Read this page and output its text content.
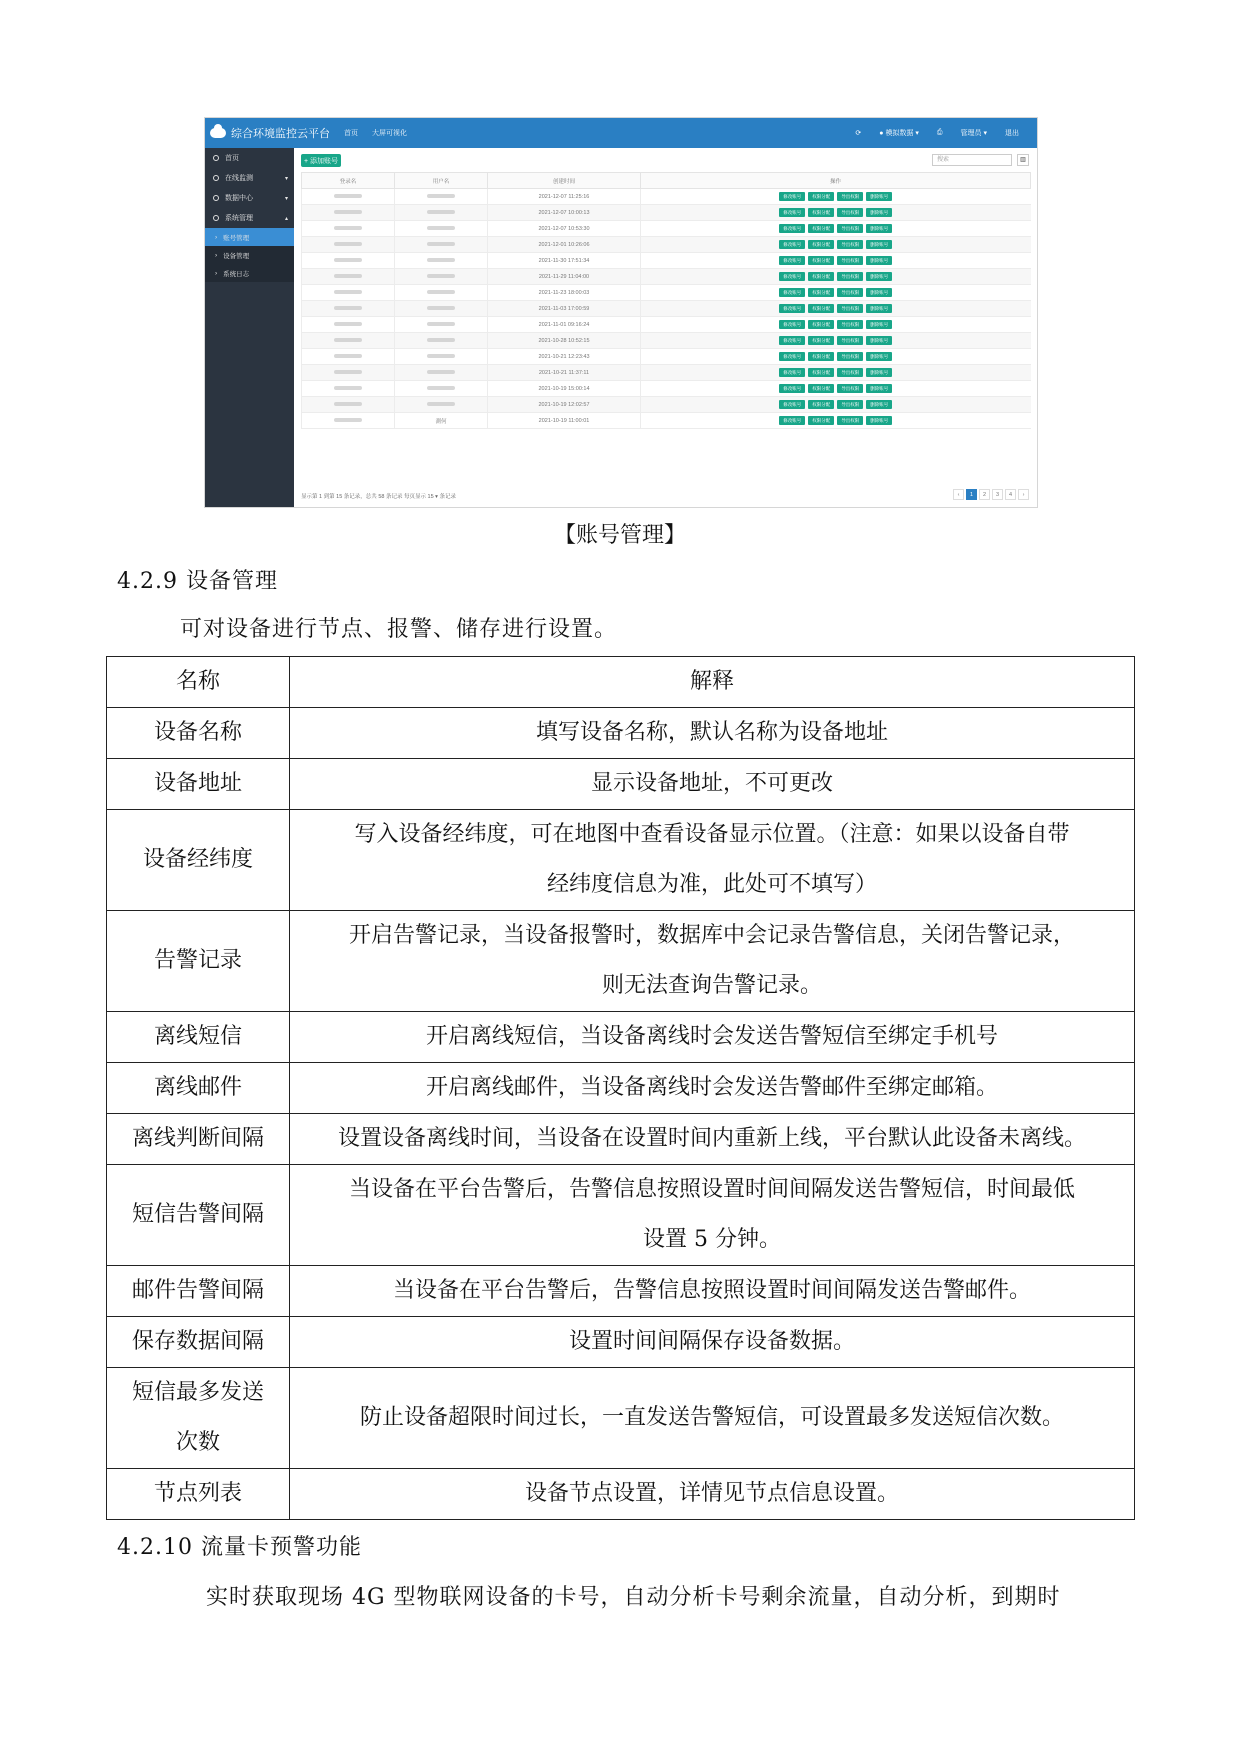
综合环境监控云平台 首页 大屏可视化	⟳	● 模拟数据 ▾	⎙	管理员 ▾	退出
首页
在线监测	▾
数据中心	▾
系统管理	▴
› 账号管理
› 设备管理
› 系统日志
+ 添加账号	搜索	▥
登录名	用户名	创建时间	操作
		2021-12-07 11:25:16	修改账号 权限分配 导出权限 删除账号

		2021-12-07 10:00:13	修改账号 权限分配 导出权限 删除账号

		2021-12-07 10:53:30	修改账号 权限分配 导出权限 删除账号

		2021-12-01 10:26:06	修改账号 权限分配 导出权限 删除账号

		2021-11-30 17:51:34	修改账号 权限分配 导出权限 删除账号

		2021-11-29 11:04:00	修改账号 权限分配 导出权限 删除账号

		2021-11-23 18:00:03	修改账号 权限分配 导出权限 删除账号

		2021-11-03 17:00:59	修改账号 权限分配 导出权限 删除账号

		2021-11-01 09:16:24	修改账号 权限分配 导出权限 删除账号

		2021-10-28 10:52:15	修改账号 权限分配 导出权限 删除账号

		2021-10-21 12:23:43	修改账号 权限分配 导出权限 删除账号

		2021-10-21 11:37:11	修改账号 权限分配 导出权限 删除账号

		2021-10-19 15:00:14	修改账号 权限分配 导出权限 删除账号

		2021-10-19 12:02:57	修改账号 权限分配 导出权限 删除账号

	測何	2021-10-19 11:00:01	修改账号 权限分配 导出权限 删除账号
显示第 1 到第 15 条记录，总共 58 条记录 每页显示 15 ▾ 条记录	‹	1	2	3	4	›
【账号管理】
4.2.9 设备管理
可对设备进行节点、报警、储存进行设置。
名称	解释
设备名称	填写设备名称，默认名称为设备地址
设备地址	显示设备地址，不可更改
设备经纬度	写入设备经纬度，可在地图中查看设备显示位置。（注意：如果以设备自带
经纬度信息为准，此处可不填写）

告警记录	开启告警记录，当设备报警时，数据库中会记录告警信息，关闭告警记录，
则无法查询告警记录。

离线短信	开启离线短信，当设备离线时会发送告警短信至绑定手机号
离线邮件	开启离线邮件，当设备离线时会发送告警邮件至绑定邮箱。
离线判断间隔	设置设备离线时间，当设备在设置时间内重新上线，平台默认此设备未离线。
短信告警间隔	当设备在平台告警后，告警信息按照设置时间间隔发送告警短信，时间最低
设置 5 分钟。

邮件告警间隔	当设备在平台告警后，告警信息按照设置时间间隔发送告警邮件。
保存数据间隔	设置时间间隔保存设备数据。

短信最多发送
次数	防止设备超限时间过长，一直发送告警短信，可设置最多发送短信次数。
节点列表	设备节点设置，详情见节点信息设置。
4.2.10 流量卡预警功能
实时获取现场 4G 型物联网设备的卡号，自动分析卡号剩余流量，自动分析，到期时
